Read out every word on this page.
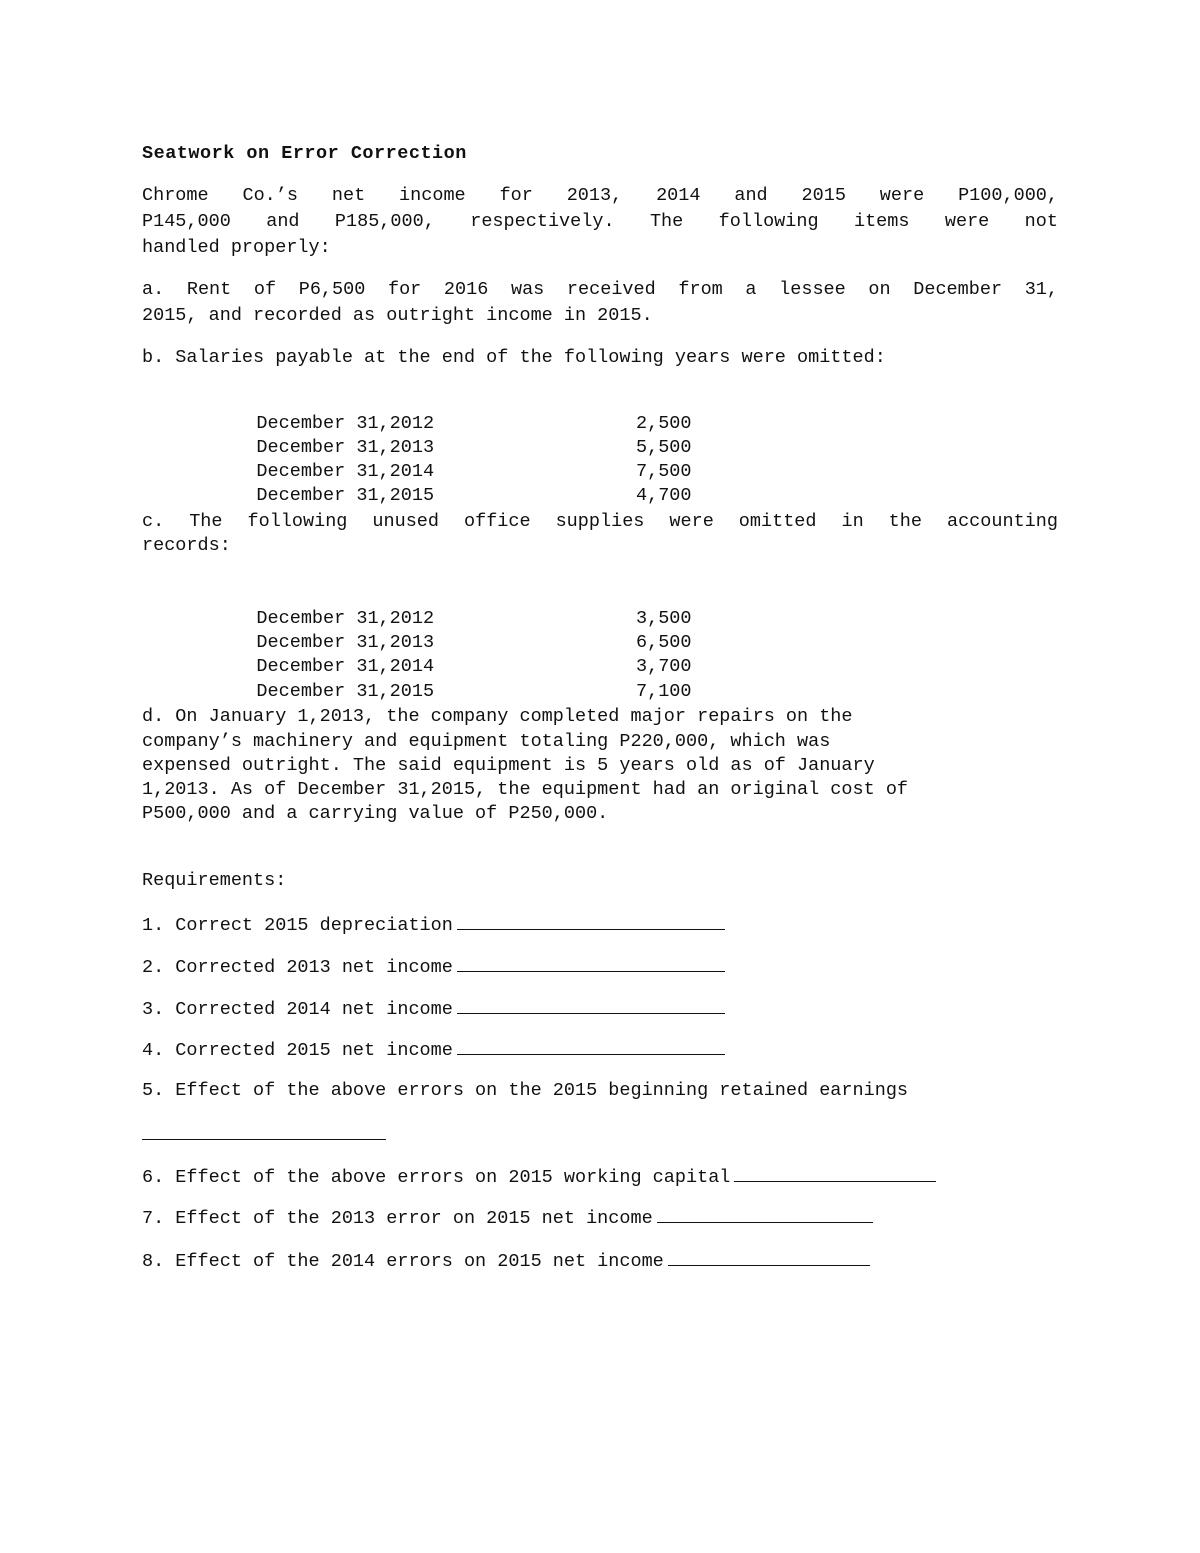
Seatwork on Error Correction
Chrome Co.’s net income for 2013, 2014 and 2015 were P100,000,
P145,000 and P185,000, respectively. The following items were not
handled properly:
a. Rent of P6,500 for 2016 was received from a lessee on December 31,
2015, and recorded as outright income in 2015.
b. Salaries payable at the end of the following years were omitted:

December 31,2012	2,500

December 31,2013	5,500

December 31,2014	7,500

December 31,2015	4,700

c. The following unused office supplies were omitted in the accounting
records:

December 31,2012	3,500

December 31,2013	6,500

December 31,2014	3,700

December 31,2015	7,100

d. On January 1,2013, the company completed major repairs on the
company’s machinery and equipment totaling P220,000, which was
expensed outright. The said equipment is 5 years old as of January
1,2013. As of December 31,2015, the equipment had an original cost of
P500,000 and a carrying value of P250,000.
Requirements:
1. Correct 2015 depreciation
2. Corrected 2013 net income
3. Corrected 2014 net income
4. Corrected 2015 net income
5. Effect of the above errors on the 2015 beginning retained earnings
6. Effect of the above errors on 2015 working capital
7. Effect of the 2013 error on 2015 net income
8. Effect of the 2014 errors on 2015 net income
